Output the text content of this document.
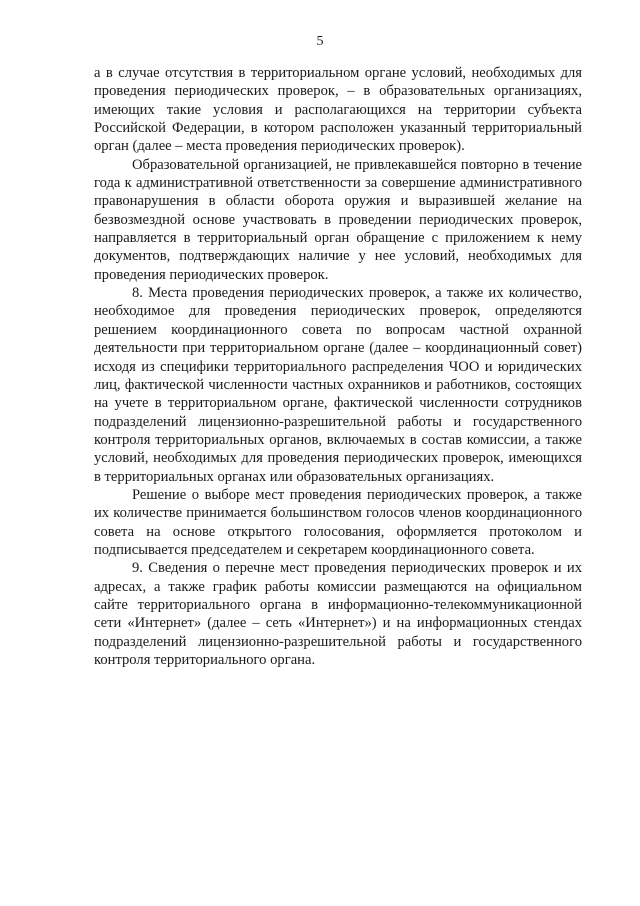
5

а в случае отсутствия в территориальном органе условий, необходимых для проведения периодических проверок, – в образовательных организациях, имеющих такие условия и располагающихся на территории субъекта Российской Федерации, в котором расположен указанный территориальный орган (далее – места проведения периодических проверок).

Образовательной организацией, не привлекавшейся повторно в течение года к административной ответственности за совершение административного правонарушения в области оборота оружия и выразившей желание на безвозмездной основе участвовать в проведении периодических проверок, направляется в территориальный орган обращение с приложением к нему документов, подтверждающих наличие у нее условий, необходимых для проведения периодических проверок.

8. Места проведения периодических проверок, а также их количество, необходимое для проведения периодических проверок, определяются решением координационного совета по вопросам частной охранной деятельности при территориальном органе (далее – координационный совет) исходя из специфики территориального распределения ЧОО и юридических лиц, фактической численности частных охранников и работников, состоящих на учете в территориальном органе, фактической численности сотрудников подразделений лицензионно-разрешительной работы и государственного контроля территориальных органов, включаемых в состав комиссии, а также условий, необходимых для проведения периодических проверок, имеющихся в территориальных органах или образовательных организациях.

Решение о выборе мест проведения периодических проверок, а также их количестве принимается большинством голосов членов координационного совета на основе открытого голосования, оформляется протоколом и подписывается председателем и секретарем координационного совета.

9. Сведения о перечне мест проведения периодических проверок и их адресах, а также график работы комиссии размещаются на официальном сайте территориального органа в информационно-телекоммуникационной сети «Интернет» (далее – сеть «Интернет») и на информационных стендах подразделений лицензионно-разрешительной работы и государственного контроля территориального органа.
